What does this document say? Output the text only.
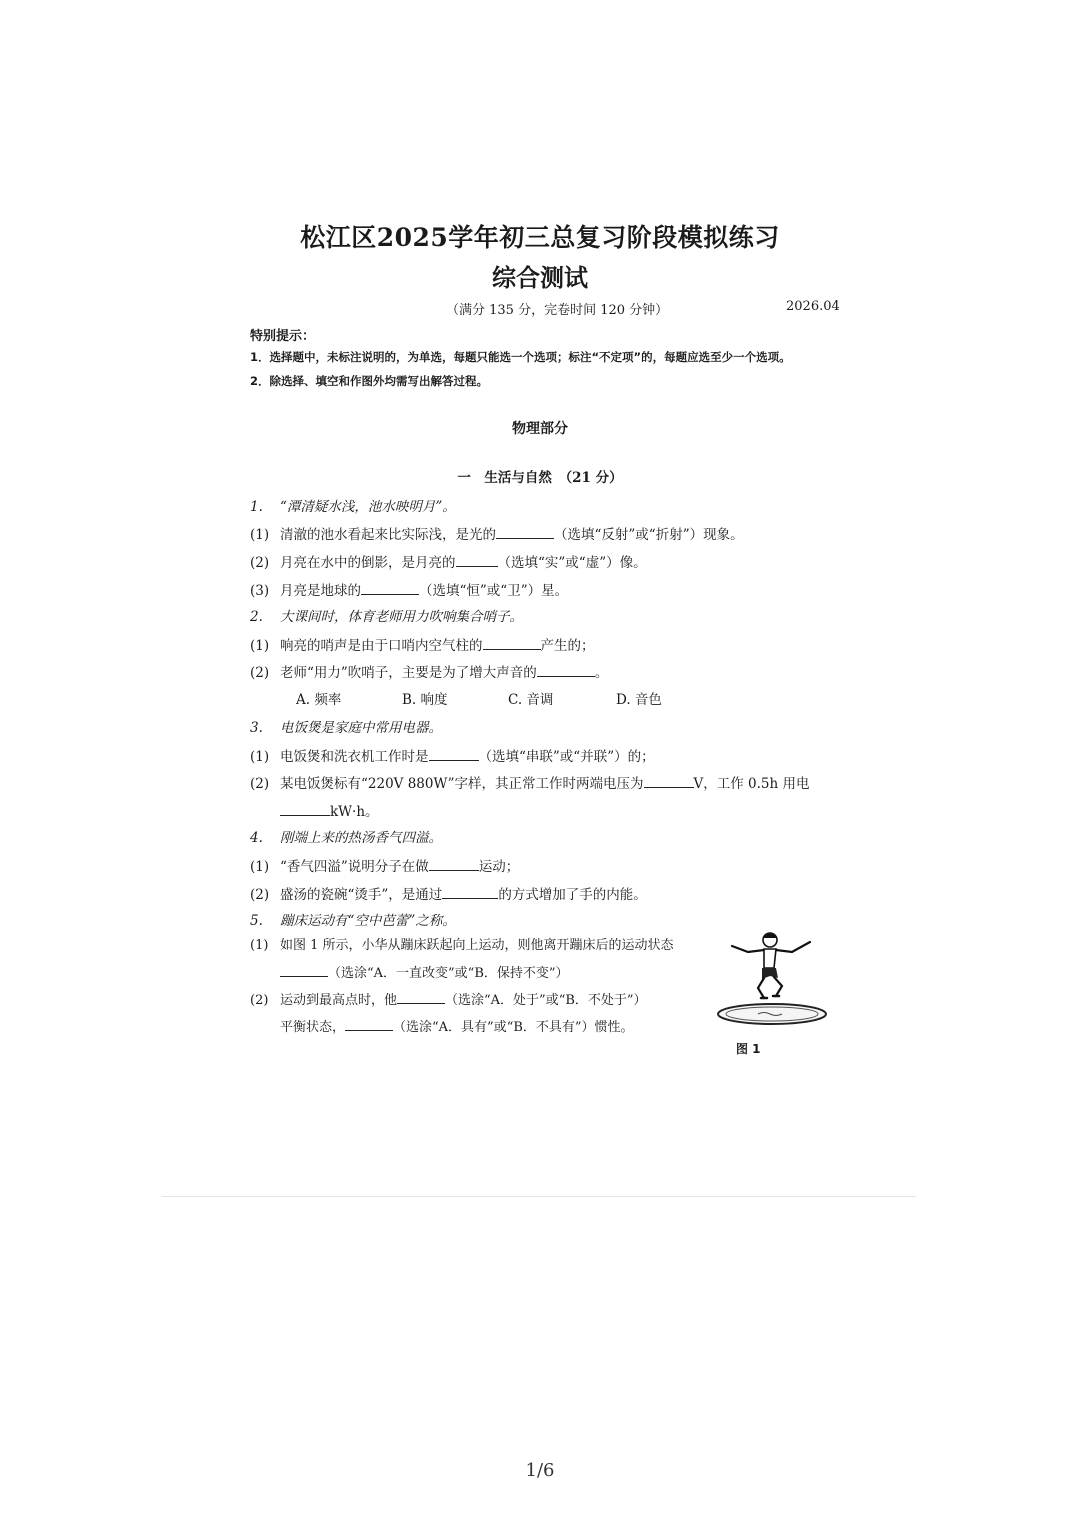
松江区2025学年初三总复习阶段模拟练习
综合测试
（满分 135 分，完卷时间 120 分钟）	2026.04
特别提示：
1．选择题中，未标注说明的，为单选，每题只能选一个选项；标注“不定项”的，每题应选至少一个选项。
2．除选择、填空和作图外均需写出解答过程。
物理部分
一　生活与自然　（21 分）
1. “潭清疑水浅，池水映明月”。
(1) 清澈的池水看起来比实际浅，是光的	（选填“反射”或“折射”）现象。
(2) 月亮在水中的倒影，是月亮的	（选填“实”或“虚”）像。
(3) 月亮是地球的	（选填“恒”或“卫”）星。
2. 大课间时，体育老师用力吹响集合哨子。
(1) 响亮的哨声是由于口哨内空气柱的	产生的；
(2) 老师“用力”吹哨子，主要是为了增大声音的	。
A. 频率	B. 响度	C. 音调	D. 音色
3. 电饭煲是家庭中常用电器。
(1) 电饭煲和洗衣机工作时是	（选填“串联”或“并联”）的；
(2) 某电饭煲标有“220V 880W”字样，其正常工作时两端电压为	V，工作 0.5h 用电
kW·h。
4. 刚端上来的热汤香气四溢。
(1) “香气四溢”说明分子在做	运动；
(2) 盛汤的瓷碗“烫手”，是通过	的方式增加了手的内能。
5. 蹦床运动有“空中芭蕾”之称。
(1) 如图 1 所示，小华从蹦床跃起向上运动，则他离开蹦床后的运动状态
（选涂“A．一直改变”或“B．保持不变”）
(2) 运动到最高点时，他	（选涂“A．处于”或“B．不处于”）
平衡状态，	（选涂“A．具有”或“B．不具有”）惯性。
图 1
1/6
